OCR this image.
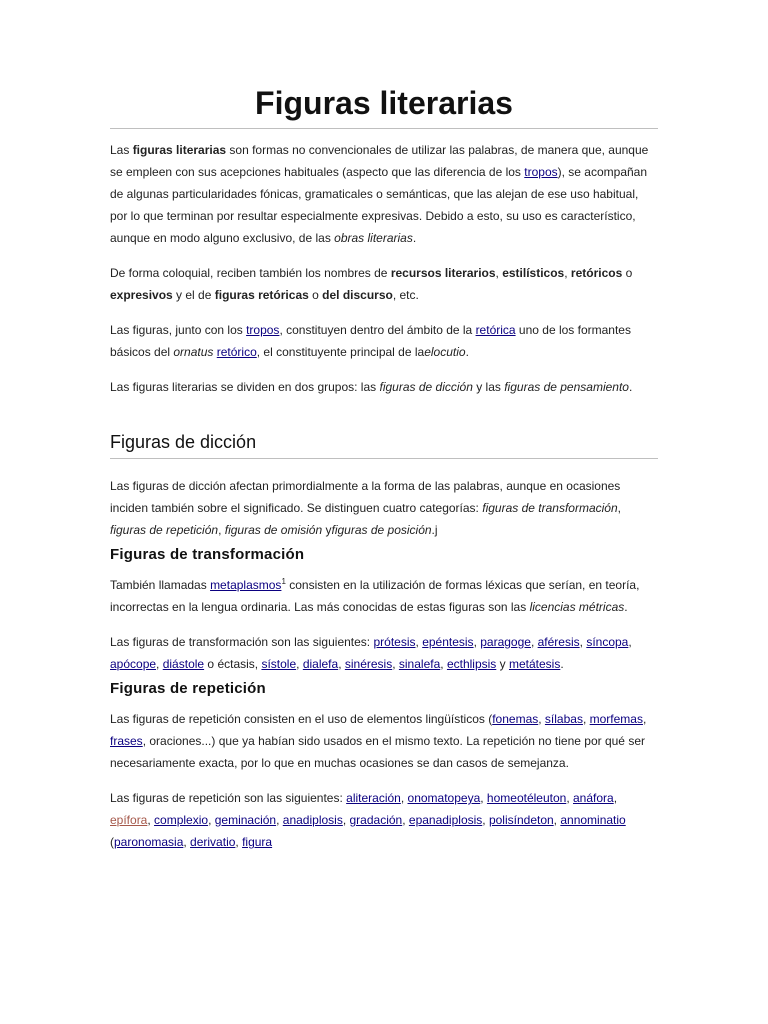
Figuras literarias

Las figuras literarias son formas no convencionales de utilizar las palabras, de manera que, aunque se empleen con sus acepciones habituales (aspecto que las diferencia de los tropos), se acompañan de algunas particularidades fónicas, gramaticales o semánticas, que las alejan de ese uso habitual, por lo que terminan por resultar especialmente expresivas. Debido a esto, su uso es característico, aunque en modo alguno exclusivo, de las obras literarias.

De forma coloquial, reciben también los nombres de recursos literarios, estilísticos, retóricos o expresivos y el de figuras retóricas o del discurso, etc.

Las figuras, junto con los tropos, constituyen dentro del ámbito de la retórica uno de los formantes básicos del ornatus retórico, el constituyente principal de laelocutio.

Las figuras literarias se dividen en dos grupos: las figuras de dicción y las figuras de pensamiento.

Figuras de dicción

Las figuras de dicción afectan primordialmente a la forma de las palabras, aunque en ocasiones inciden también sobre el significado. Se distinguen cuatro categorías: figuras de transformación, figuras de repetición, figuras de omisión yfiguras de posición.j

Figuras de transformación

También llamadas metaplasmos$^1$ consisten en la utilización de formas léxicas que serían, en teoría, incorrectas en la lengua ordinaria. Las más conocidas de estas figuras son las licencias métricas.

Las figuras de transformación son las siguientes: prótesis, epéntesis, paragoge, aféresis, síncopa, apócope, diástole o éctasis, sístole, dialefa, sinéresis, sinalefa, ecthlipsis y metátesis.

Figuras de repetición

Las figuras de repetición consisten en el uso de elementos lingüísticos (fonemas, sílabas, morfemas, frases, oraciones...) que ya habían sido usados en el mismo texto. La repetición no tiene por qué ser necesariamente exacta, por lo que en muchas ocasiones se dan casos de semejanza.

Las figuras de repetición son las siguientes: aliteración, onomatopeya, homeotéleuton, anáfora, epífora, complexio, geminación, anadiplosis, gradación, epanadiplosis, polisíndeton, annominatio (paronomasia, derivatio, figura
